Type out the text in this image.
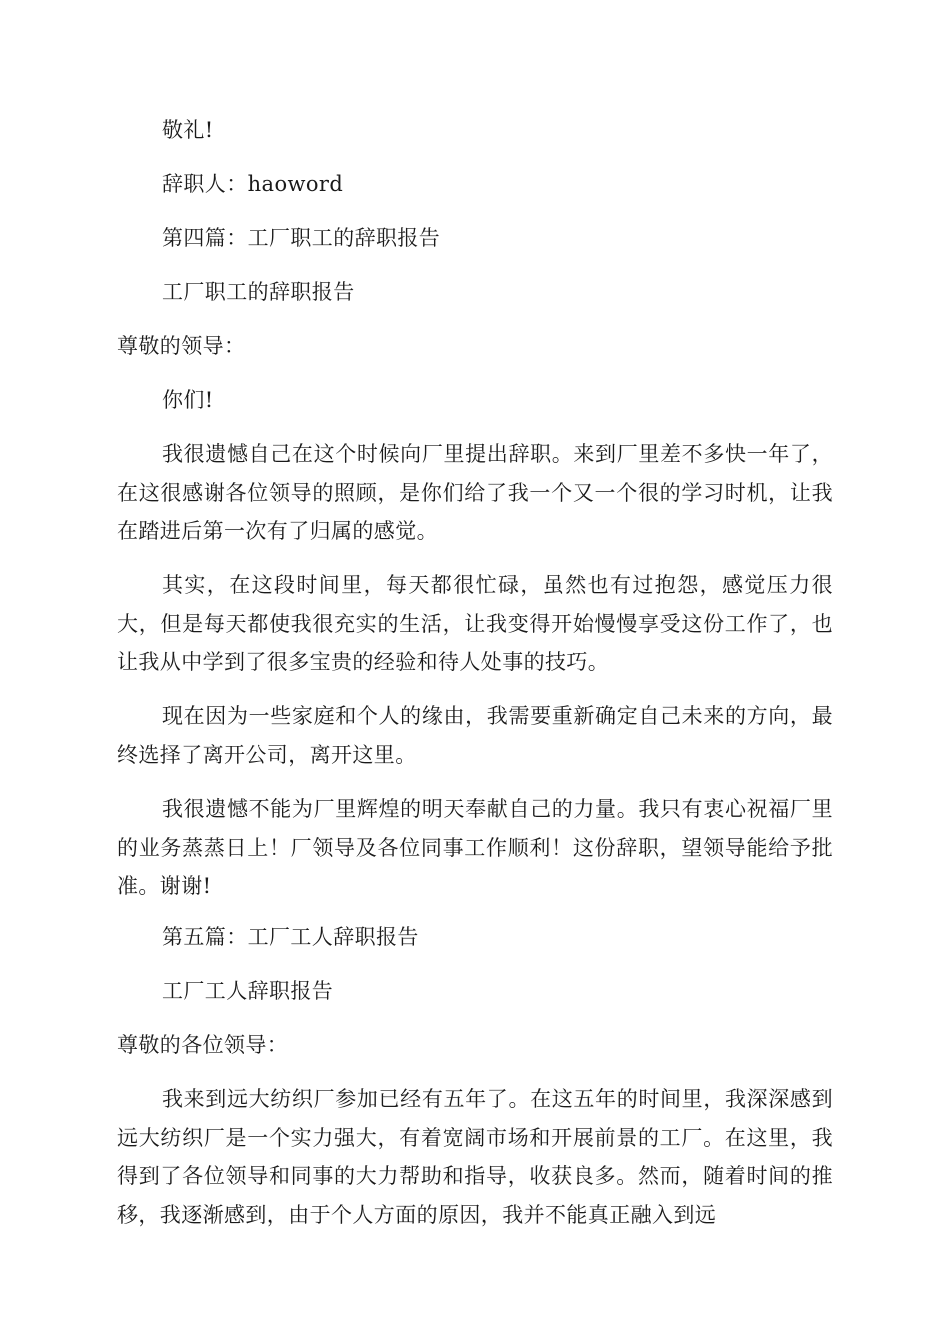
敬礼!
辞职人：haoword
第四篇：工厂职工的辞职报告
工厂职工的辞职报告
尊敬的领导：
你们!
我很遗憾自己在这个时候向厂里提出辞职。来到厂里差不多快一年了，在这很感谢各位领导的照顾，是你们给了我一个又一个很的学习时机，让我在踏进后第一次有了归属的感觉。
其实，在这段时间里，每天都很忙碌，虽然也有过抱怨，感觉压力很大，但是每天都使我很充实的生活，让我变得开始慢慢享受这份工作了，也让我从中学到了很多宝贵的经验和待人处事的技巧。
现在因为一些家庭和个人的缘由，我需要重新确定自己未来的方向，最终选择了离开公司，离开这里。
我很遗憾不能为厂里辉煌的明天奉献自己的力量。我只有衷心祝福厂里的业务蒸蒸日上！厂领导及各位同事工作顺利！这份辞职，望领导能给予批准。谢谢!
第五篇：工厂工人辞职报告
工厂工人辞职报告
尊敬的各位领导：
我来到远大纺织厂参加已经有五年了。在这五年的时间里，我深深感到远大纺织厂是一个实力强大，有着宽阔市场和开展前景的工厂。在这里，我得到了各位领导和同事的大力帮助和指导，收获良多。然而，随着时间的推移，我逐渐感到，由于个人方面的原因，我并不能真正融入到远
